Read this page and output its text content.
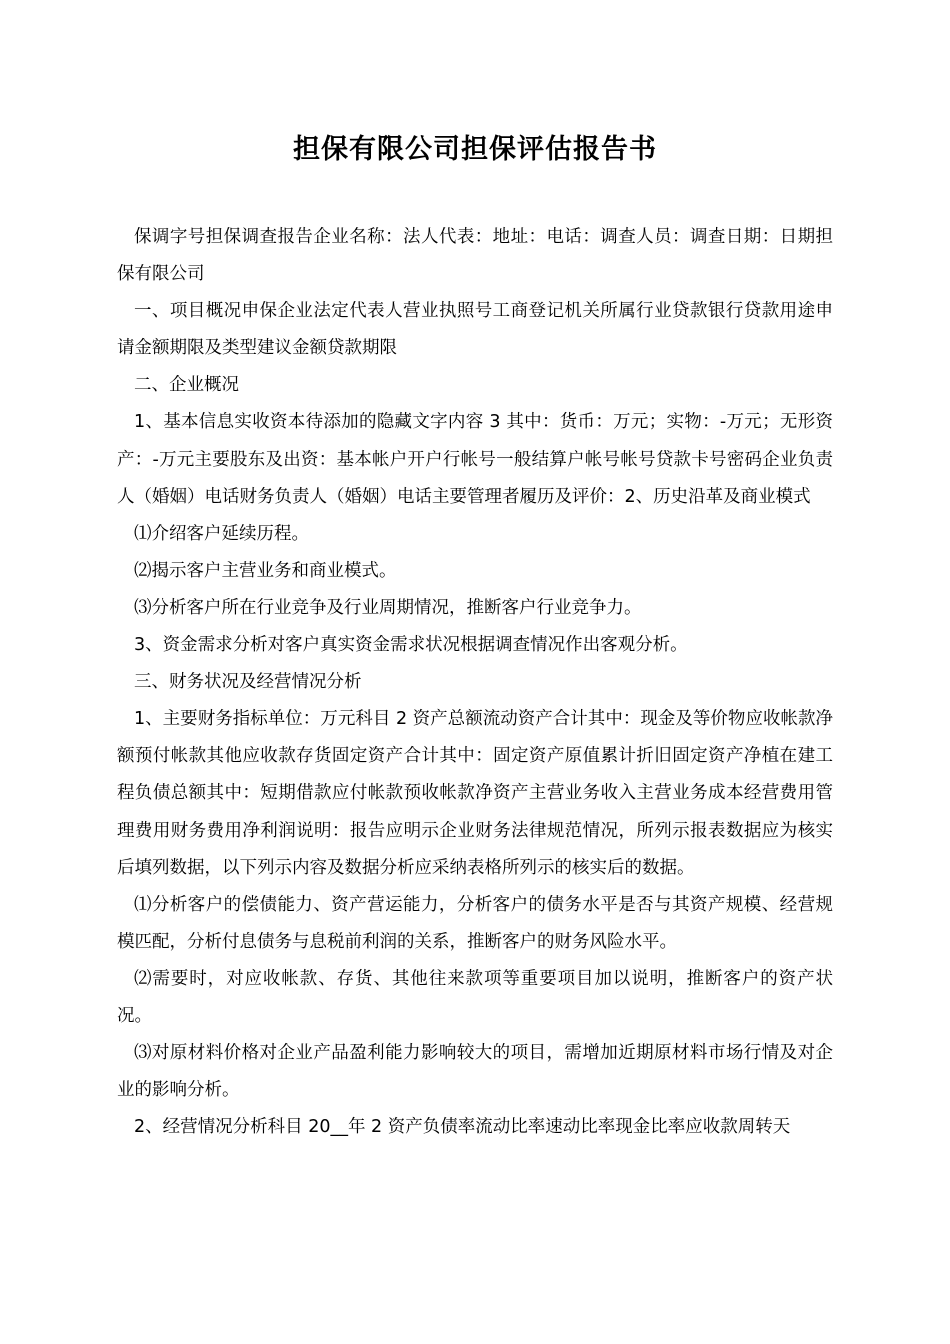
担保有限公司担保评估报告书

保调字号担保调查报告企业名称：法人代表：地址：电话：调查人员：调查日期：日期担保有限公司

一、项目概况申保企业法定代表人营业执照号工商登记机关所属行业贷款银行贷款用途申请金额期限及类型建议金额贷款期限

二、企业概况

1、基本信息实收资本待添加的隐藏文字内容 3 其中：货币：万元；实物：-万元；无形资产：-万元主要股东及出资：基本帐户开户行帐号一般结算户帐号帐号贷款卡号密码企业负责人（婚姻）电话财务负责人（婚姻）电话主要管理者履历及评价：2、历史沿革及商业模式

⑴介绍客户延续历程。

⑵揭示客户主营业务和商业模式。

⑶分析客户所在行业竞争及行业周期情况，推断客户行业竞争力。

3、资金需求分析对客户真实资金需求状况根据调查情况作出客观分析。

三、财务状况及经营情况分析

1、主要财务指标单位：万元科目 2 资产总额流动资产合计其中：现金及等价物应收帐款净额预付帐款其他应收款存货固定资产合计其中：固定资产原值累计折旧固定资产净植在建工程负债总额其中：短期借款应付帐款预收帐款净资产主营业务收入主营业务成本经营费用管理费用财务费用净利润说明：报告应明示企业财务法律规范情况，所列示报表数据应为核实后填列数据，以下列示内容及数据分析应采纳表格所列示的核实后的数据。

⑴分析客户的偿债能力、资产营运能力，分析客户的债务水平是否与其资产规模、经营规模匹配，分析付息债务与息税前利润的关系，推断客户的财务风险水平。

⑵需要时，对应收帐款、存货、其他往来款项等重要项目加以说明，推断客户的资产状况。

⑶对原材料价格对企业产品盈利能力影响较大的项目，需增加近期原材料市场行情及对企业的影响分析。

2、经营情况分析科目 20__年 2 资产负债率流动比率速动比率现金比率应收款周转天
